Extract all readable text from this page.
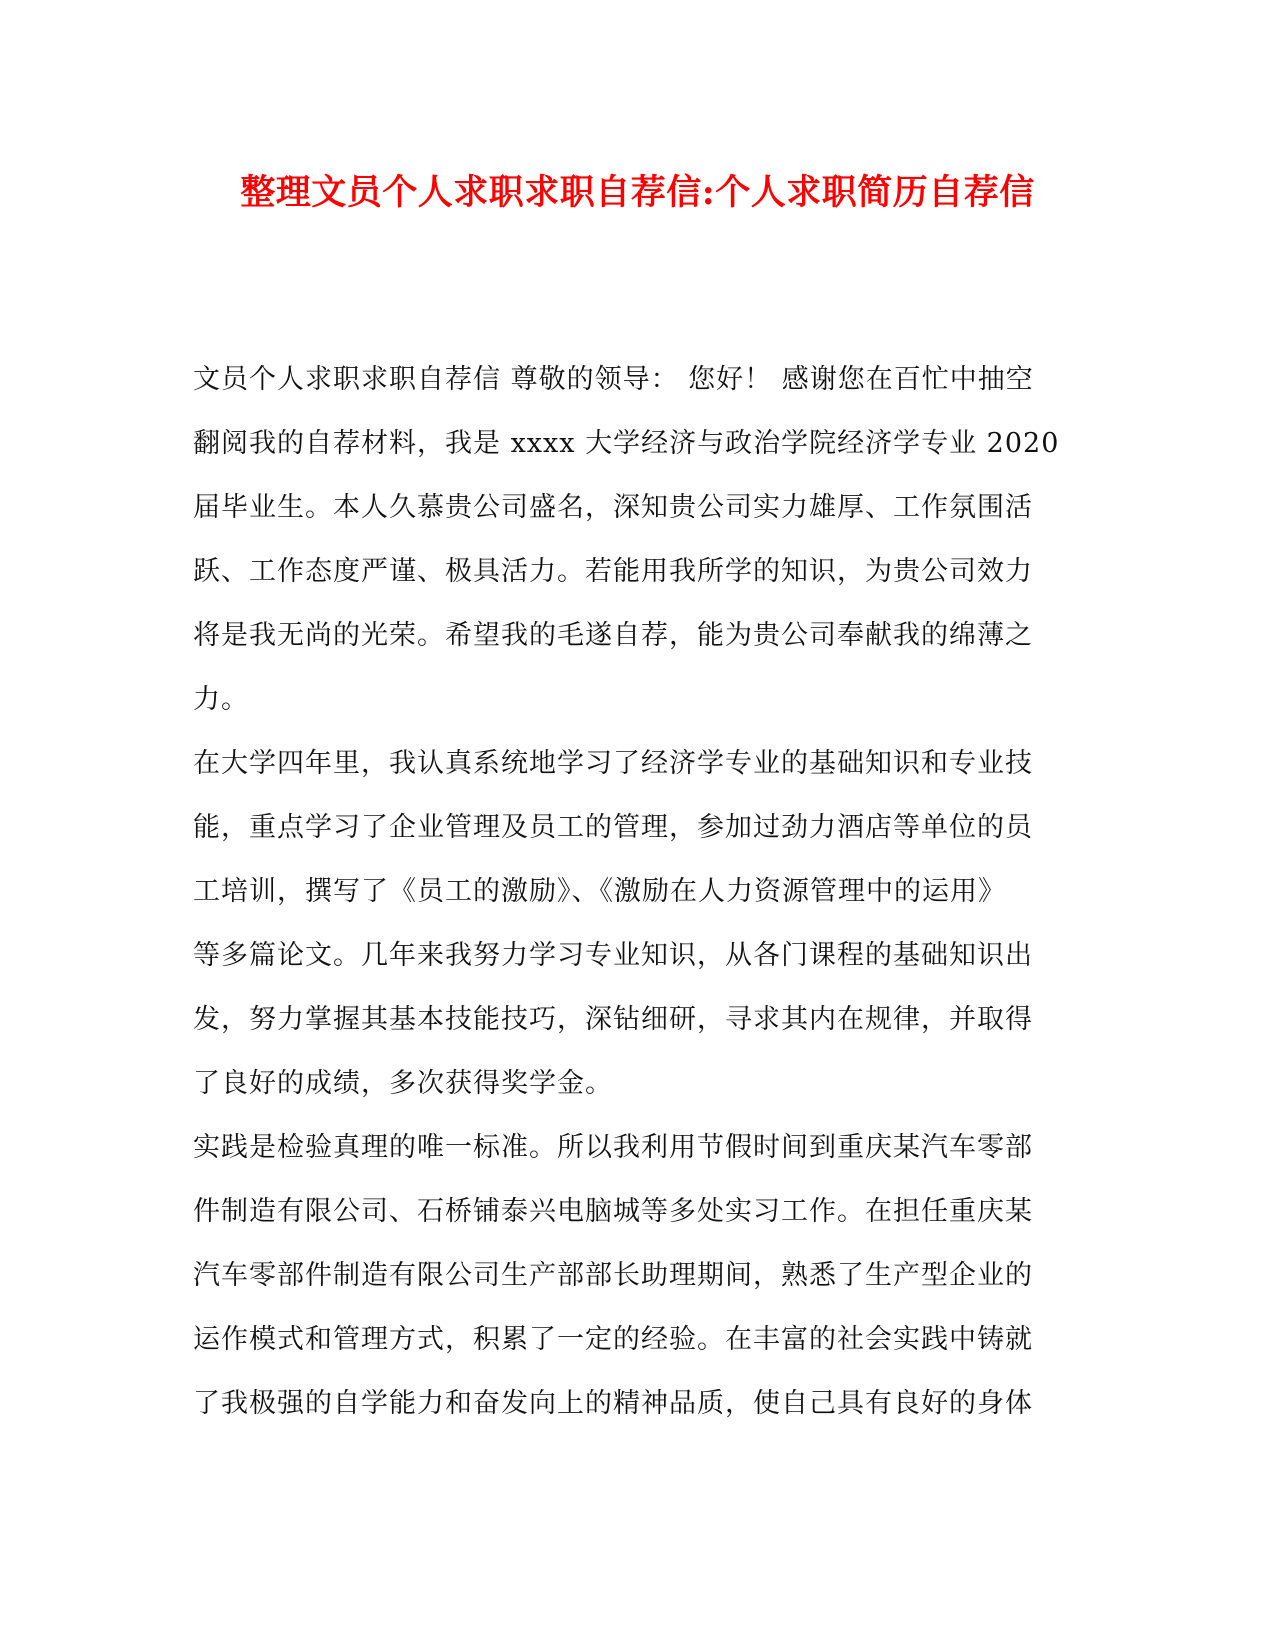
整理文员个人求职求职自荐信:个人求职简历自荐信
文员个人求职求职自荐信 尊敬的领导： 您好！ 感谢您在百忙中抽空
翻阅我的自荐材料，我是 xxxx 大学经济与政治学院经济学专业 2020
届毕业生。本人久慕贵公司盛名，深知贵公司实力雄厚、工作氛围活
跃、工作态度严谨、极具活力。若能用我所学的知识，为贵公司效力
将是我无尚的光荣。希望我的毛遂自荐，能为贵公司奉献我的绵薄之
力。
在大学四年里，我认真系统地学习了经济学专业的基础知识和专业技
能，重点学习了企业管理及员工的管理，参加过劲力酒店等单位的员
工培训，撰写了《员工的激励》、《激励在人力资源管理中的运用》
等多篇论文。几年来我努力学习专业知识，从各门课程的基础知识出
发，努力掌握其基本技能技巧，深钻细研，寻求其内在规律，并取得
了良好的成绩，多次获得奖学金。
实践是检验真理的唯一标准。所以我利用节假时间到重庆某汽车零部
件制造有限公司、石桥铺泰兴电脑城等多处实习工作。在担任重庆某
汽车零部件制造有限公司生产部部长助理期间，熟悉了生产型企业的
运作模式和管理方式，积累了一定的经验。在丰富的社会实践中铸就
了我极强的自学能力和奋发向上的精神品质，使自己具有良好的身体
